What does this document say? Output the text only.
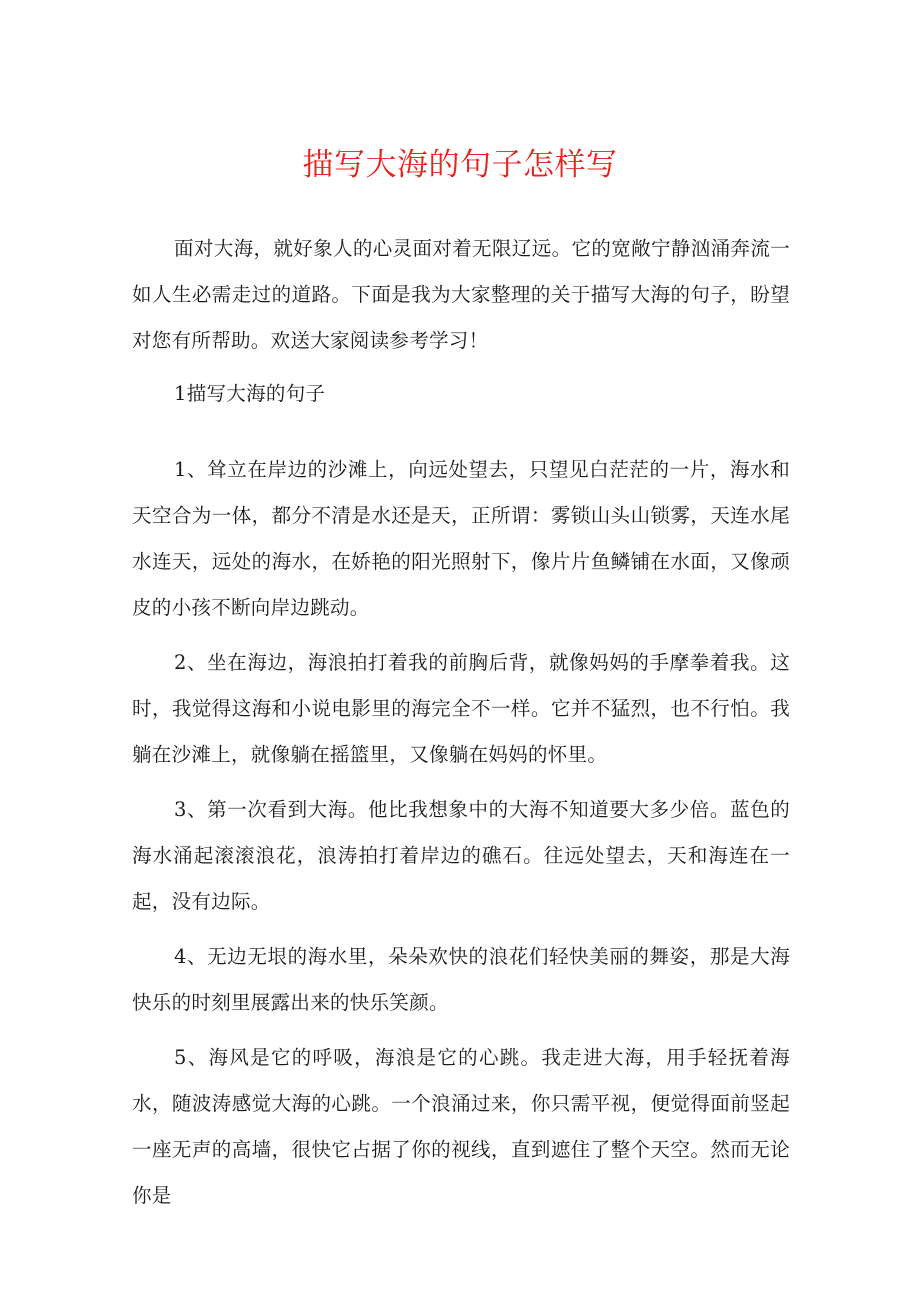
描写大海的句子怎样写

面对大海，就好象人的心灵面对着无限辽远。它的宽敞宁静汹涌奔流一如人生必需走过的道路。下面是我为大家整理的关于描写大海的句子，盼望对您有所帮助。欢送大家阅读参考学习！

1描写大海的句子

1、耸立在岸边的沙滩上，向远处望去，只望见白茫茫的一片，海水和天空合为一体，都分不清是水还是天，正所谓：雾锁山头山锁雾，天连水尾水连天，远处的海水，在娇艳的阳光照射下，像片片鱼鳞铺在水面，又像顽皮的小孩不断向岸边跳动。

2、坐在海边，海浪拍打着我的前胸后背，就像妈妈的手摩拳着我。这时，我觉得这海和小说电影里的海完全不一样。它并不猛烈，也不行怕。我躺在沙滩上，就像躺在摇篮里，又像躺在妈妈的怀里。

3、第一次看到大海。他比我想象中的大海不知道要大多少倍。蓝色的海水涌起滚滚浪花，浪涛拍打着岸边的礁石。往远处望去，天和海连在一起，没有边际。

4、无边无垠的海水里，朵朵欢快的浪花们轻快美丽的舞姿，那是大海快乐的时刻里展露出来的快乐笑颜。

5、海风是它的呼吸，海浪是它的心跳。我走进大海，用手轻抚着海水，随波涛感觉大海的心跳。一个浪涌过来，你只需平视，便觉得面前竖起一座无声的高墙，很快它占据了你的视线，直到遮住了整个天空。然而无论你是
